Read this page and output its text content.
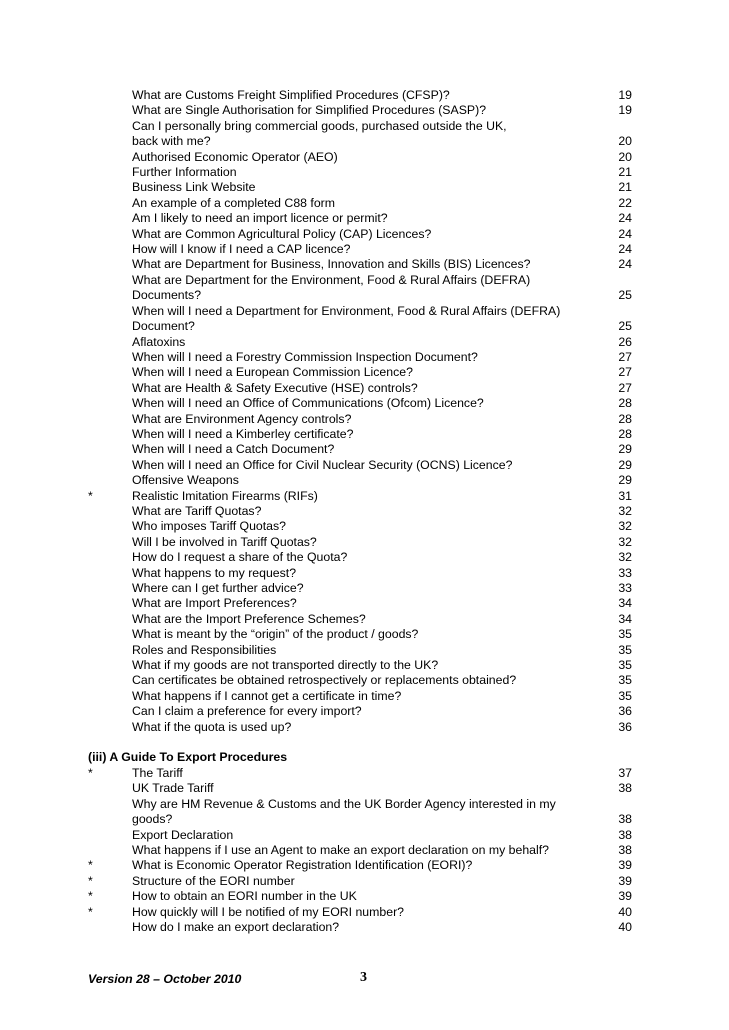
What are Customs Freight Simplified Procedures (CFSP)?	19
What are Single Authorisation for Simplified Procedures (SASP)?	19
Can I personally bring commercial goods, purchased outside the UK,
back with me?	20
Authorised Economic Operator (AEO)	20
Further Information	21
Business Link Website	21
An example of a completed C88 form	22
Am I likely to need an import licence or permit?	24
What are Common Agricultural Policy (CAP) Licences?	24
How will I know if I need a CAP licence?	24
What are Department for Business, Innovation and Skills (BIS) Licences?	24
What are Department for the Environment, Food & Rural Affairs (DEFRA)
Documents?	25
When will I need a Department for Environment, Food & Rural Affairs (DEFRA)
Document?	25
Aflatoxins	26
When will I need a Forestry Commission Inspection Document?	27
When will I need a European Commission Licence?	27
What are Health & Safety Executive (HSE) controls?	27
When will I need an Office of Communications (Ofcom) Licence?	28
What are Environment Agency controls?	28
When will I need a Kimberley certificate?	28
When will I need a Catch Document?	29
When will I need an Office for Civil Nuclear Security (OCNS) Licence?	29
Offensive Weapons	29
*	Realistic Imitation Firearms (RIFs)	31
What are Tariff Quotas?	32
Who imposes Tariff Quotas?	32
Will I be involved in Tariff Quotas?	32
How do I request a share of the Quota?	32
What happens to my request?	33
Where can I get further advice?	33
What are Import Preferences?	34
What are the Import Preference Schemes?	34
What is meant by the “origin” of the product / goods?	35
Roles and Responsibilities	35
What if my goods are not transported directly to the UK?	35
Can certificates be obtained retrospectively or replacements obtained?	35
What happens if I cannot get a certificate in time?	35
Can I claim a preference for every import?	36
What if the quota is used up?	36
(iii) A Guide To Export Procedures
*	The Tariff	37
UK Trade Tariff	38
Why are HM Revenue & Customs and the UK Border Agency interested in my
goods?	38
Export Declaration	38
What happens if I use an Agent to make an export declaration on my behalf?	38
*	What is Economic Operator Registration Identification (EORI)?	39
*	Structure of the EORI number	39
*	How to obtain an EORI number in the UK	39
*	How quickly will I be notified of my EORI number?	40
How do I make an export declaration?	40
Version 28 – October 2010	3
